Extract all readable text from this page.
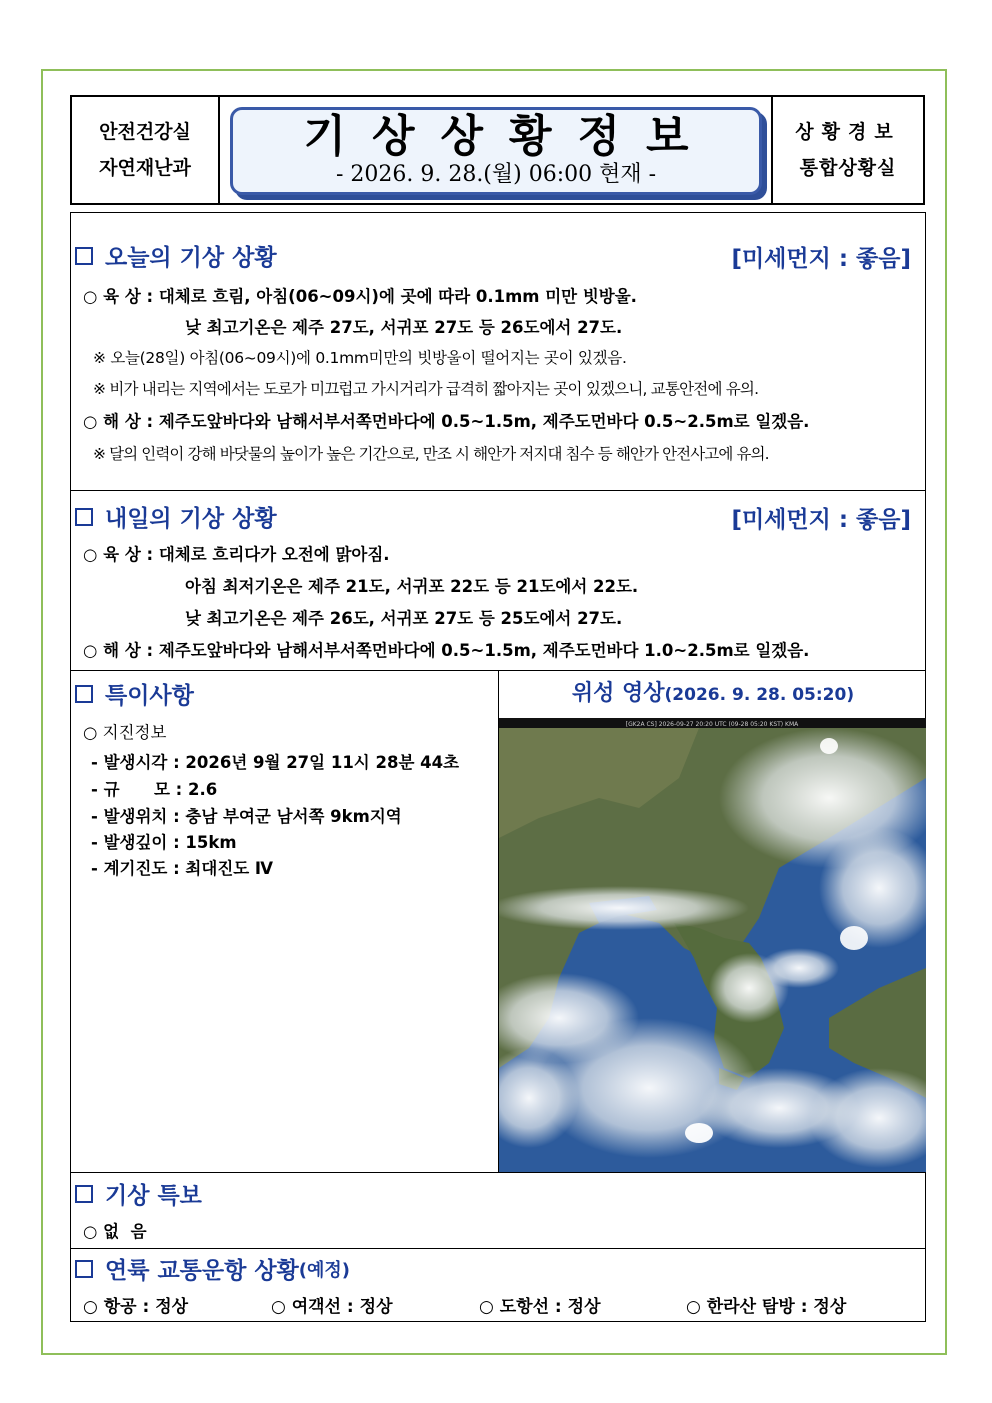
안전건강실
자연재난과
기상상황정보
- 2026. 9. 28.(월) 06:00 현재 -
상황경보
통합상황실
오늘의 기상 상황	[미세먼지 : 좋음]
○ 육 상 : 대체로 흐림, 아침(06~09시)에 곳에 따라 0.1mm 미만 빗방울.
낮 최고기온은 제주 27도, 서귀포 27도 등 26도에서 27도.
※ 오늘(28일) 아침(06~09시)에 0.1mm미만의 빗방울이 떨어지는 곳이 있겠음.
※ 비가 내리는 지역에서는 도로가 미끄럽고 가시거리가 급격히 짧아지는 곳이 있겠으니, 교통안전에 유의.
○ 해 상 : 제주도앞바다와 남해서부서쪽먼바다에 0.5~1.5m, 제주도먼바다 0.5~2.5m로 일겠음.
※ 달의 인력이 강해 바닷물의 높이가 높은 기간으로, 만조 시 해안가 저지대 침수 등 해안가 안전사고에 유의.
내일의 기상 상황	[미세먼지 : 좋음]
○ 육 상 : 대체로 흐리다가 오전에 맑아짐.
아침 최저기온은 제주 21도, 서귀포 22도 등 21도에서 22도.
낮 최고기온은 제주 26도, 서귀포 27도 등 25도에서 27도.
○ 해 상 : 제주도앞바다와 남해서부서쪽먼바다에 0.5~1.5m, 제주도먼바다 1.0~2.5m로 일겠음.
특이사항
○ 지진정보
- 발생시각 : 2026년 9월 27일 11시 28분 44초
- 규      모 : 2.6
- 발생위치 : 충남 부여군 남서쪽 9km지역
- 발생깊이 : 15km
- 계기진도 : 최대진도 Ⅳ
위성 영상(2026. 9. 28. 05:20)
[GK2A CS] 2026-09-27 20:20 UTC (09-28 05:20 KST) KMA
기상 특보
○ 없  음
연륙 교통운항 상황 (예정)
○ 항공 : 정상	○ 여객선 : 정상	○ 도항선 : 정상	○ 한라산 탐방 : 정상
